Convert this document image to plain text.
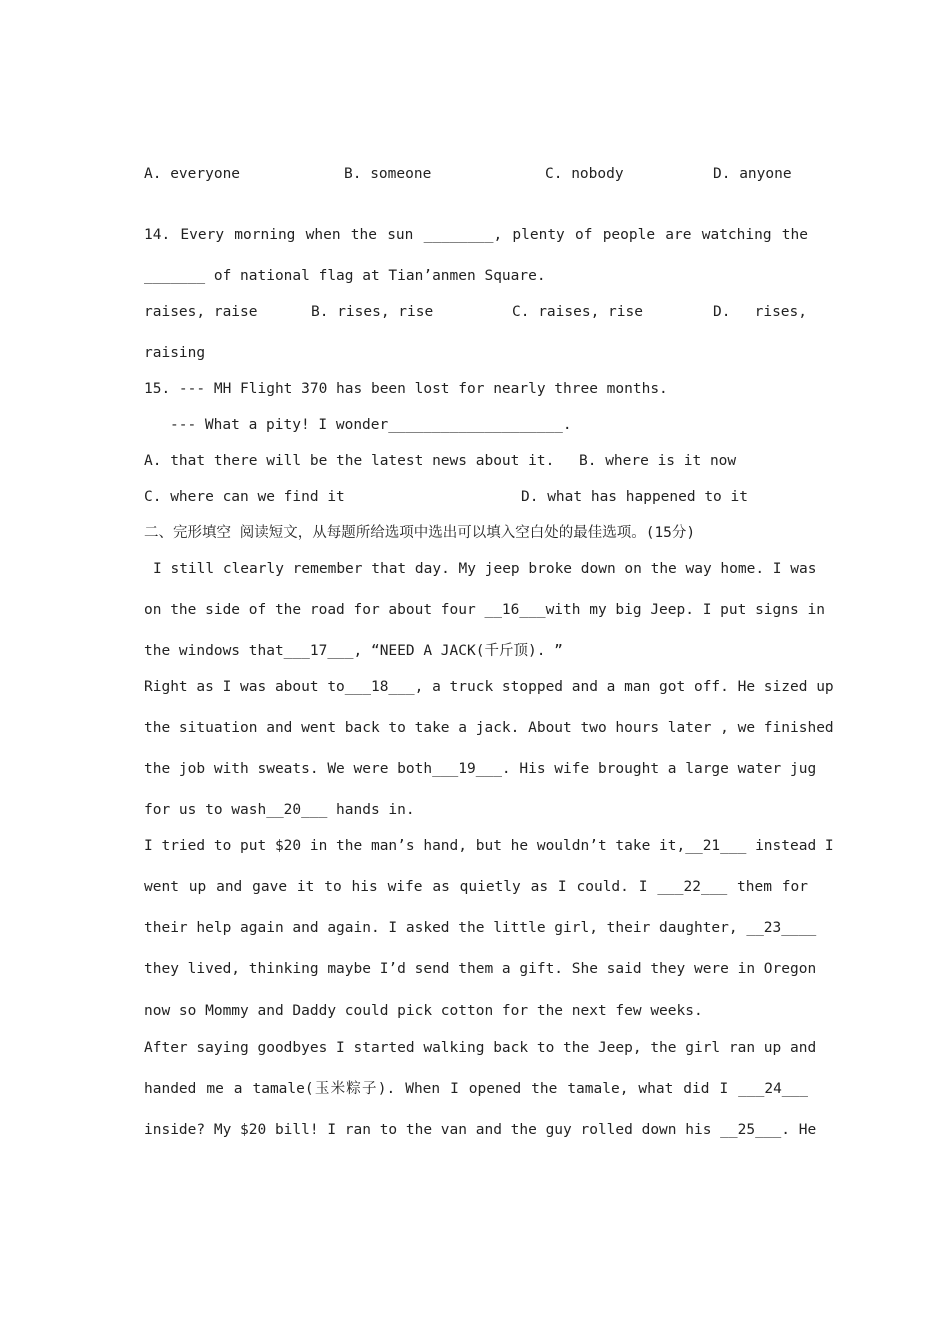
A. everyone	B. someone	C. nobody	D. anyone
14. Every morning when the sun ________, plenty of people are watching the
_______ of national flag at Tian’anmen Square.
raises, raise	B. rises, rise	C. raises, rise	D. rises,
raising
15. --- MH Flight 370 has been lost for nearly three months.
--- What a pity! I wonder____________________.
A. that there will be the latest news about it. B. where is it now
C. where can we find it	D. what has happened to it
二、完形填空 阅读短文，从每题所给选项中选出可以填入空白处的最佳选项。(15分)
I still clearly remember that day. My jeep broke down on the way home. I was
on the side of the road for about four __16___with my big Jeep. I put signs in
the windows that___17___, “NEED A JACK(千斤顶). ”
Right as I was about to___18___, a truck stopped and a man got off. He sized up
the situation and went back to take a jack. About two hours later , we finished
the job with sweats. We were both___19___. His wife brought a large water jug
for us to wash__20___ hands in.
I tried to put $20 in the man’s hand, but he wouldn’t take it,__21___ instead I
went up and gave it to his wife as quietly as I could. I ___22___ them for
their help again and again. I asked the little girl, their daughter, __23____
they lived, thinking maybe I’d send them a gift. She said they were in Oregon
now so Mommy and Daddy could pick cotton for the next few weeks.
After saying goodbyes I started walking back to the Jeep, the girl ran up and
handed me a tamale(玉米粽子). When I opened the tamale, what did I ___24___
inside? My $20 bill! I ran to the van and the guy rolled down his __25___. He
